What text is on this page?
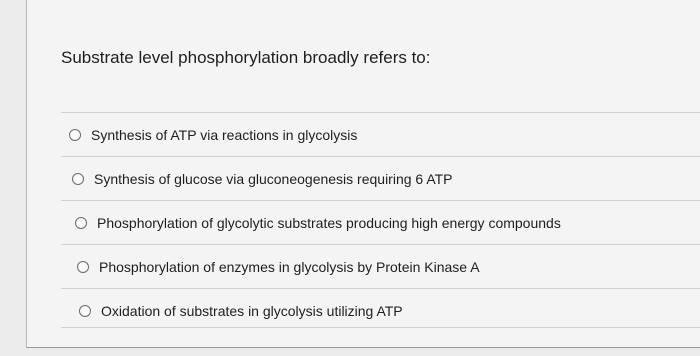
Substrate level phosphorylation broadly refers to:
Synthesis of ATP via reactions in glycolysis
Synthesis of glucose via gluconeogenesis requiring 6 ATP
Phosphorylation of glycolytic substrates producing high energy compounds
Phosphorylation of enzymes in glycolysis by Protein Kinase A
Oxidation of substrates in glycolysis utilizing ATP
